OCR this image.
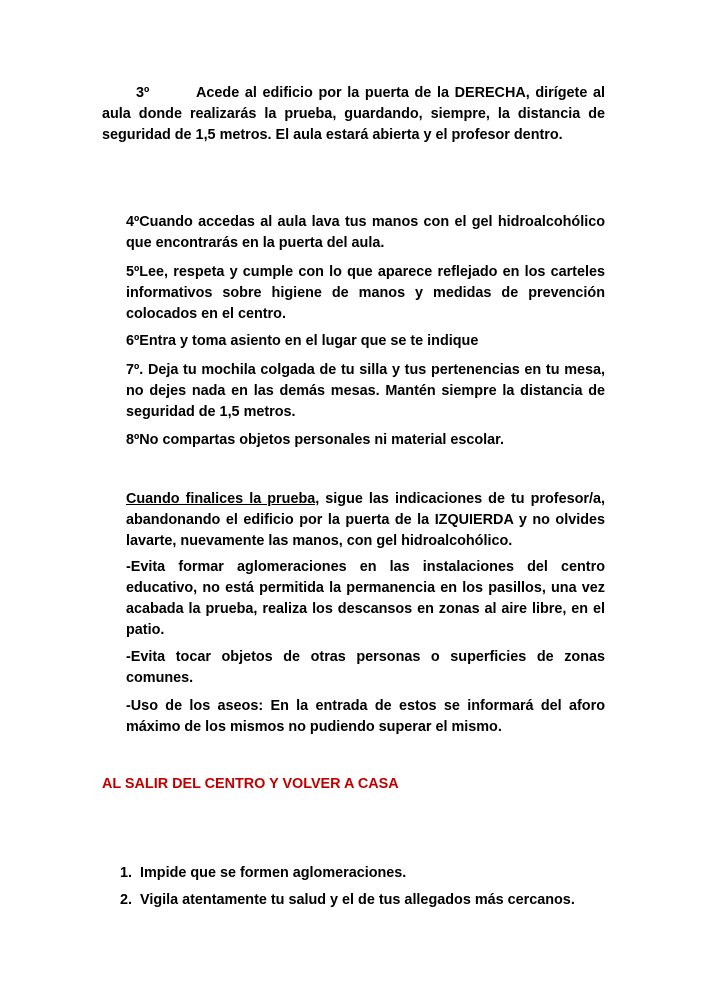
3º	Acede al edificio por la puerta de la DERECHA, dirígete al aula donde realizarás la prueba, guardando, siempre, la distancia de seguridad de 1,5 metros. El aula estará abierta y el profesor dentro.

4ºCuando accedas al aula lava tus manos con el gel hidroalcohólico que encontrarás en la puerta del aula.

5ºLee, respeta y cumple con lo que aparece reflejado en los carteles informativos sobre higiene de manos y medidas de prevención colocados en el centro.

6ºEntra y toma asiento en el lugar que se te indique

7º. Deja tu mochila colgada de tu silla y tus pertenencias en tu mesa, no dejes nada en las demás mesas. Mantén siempre la distancia de seguridad de 1,5 metros.

8ºNo compartas objetos personales ni material escolar.

Cuando finalices la prueba, sigue las indicaciones de tu profesor/a, abandonando el edificio por la puerta de la IZQUIERDA y no olvides lavarte, nuevamente las manos, con gel hidroalcohólico.

-Evita formar aglomeraciones en las instalaciones del centro educativo, no está permitida la permanencia en los pasillos, una vez acabada la prueba, realiza los descansos en zonas al aire libre, en el patio.

-Evita tocar objetos de otras personas o superficies de zonas comunes.

-Uso de los aseos: En la entrada de estos se informará del aforo máximo de los mismos no pudiendo superar el mismo.

AL SALIR DEL CENTRO Y VOLVER A CASA

1. Impide que se formen aglomeraciones.

2. Vigila atentamente tu salud y el de tus allegados más cercanos.
